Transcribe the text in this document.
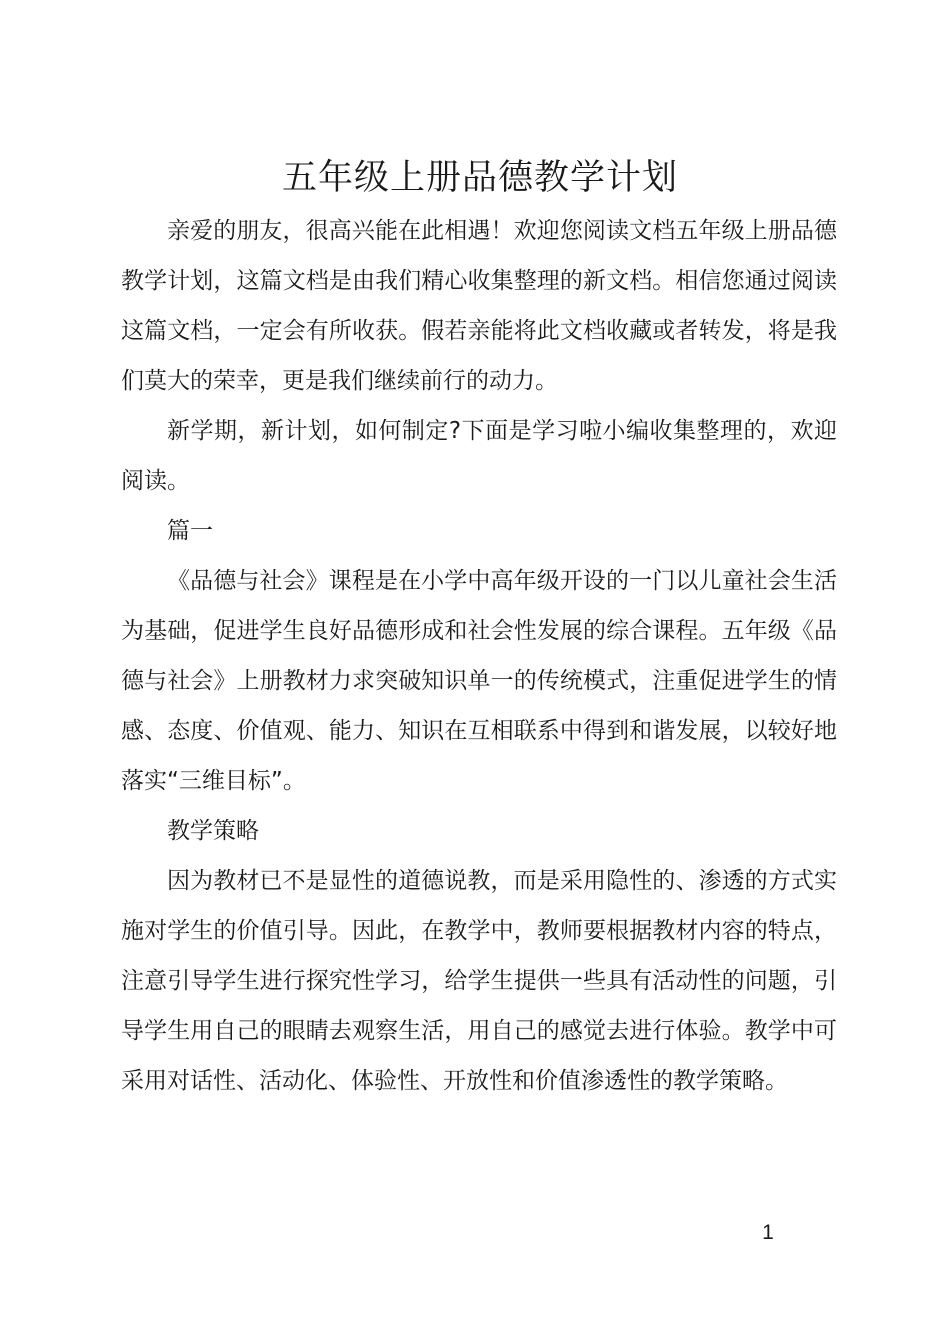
五年级上册品德教学计划

亲爱的朋友，很高兴能在此相遇！欢迎您阅读文档五年级上册品德教学计划，这篇文档是由我们精心收集整理的新文档。相信您通过阅读这篇文档，一定会有所收获。假若亲能将此文档收藏或者转发，将是我们莫大的荣幸，更是我们继续前行的动力。

新学期，新计划，如何制定?下面是学习啦小编收集整理的，欢迎阅读。

篇一

《品德与社会》课程是在小学中高年级开设的一门以儿童社会生活为基础，促进学生良好品德形成和社会性发展的综合课程。五年级《品德与社会》上册教材力求突破知识单一的传统模式，注重促进学生的情感、态度、价值观、能力、知识在互相联系中得到和谐发展，以较好地落实“三维目标”。

教学策略

因为教材已不是显性的道德说教，而是采用隐性的、渗透的方式实施对学生的价值引导。因此，在教学中，教师要根据教材内容的特点，注意引导学生进行探究性学习，给学生提供一些具有活动性的问题，引导学生用自己的眼睛去观察生活，用自己的感觉去进行体验。教学中可采用对话性、活动化、体验性、开放性和价值渗透性的教学策略。

1
